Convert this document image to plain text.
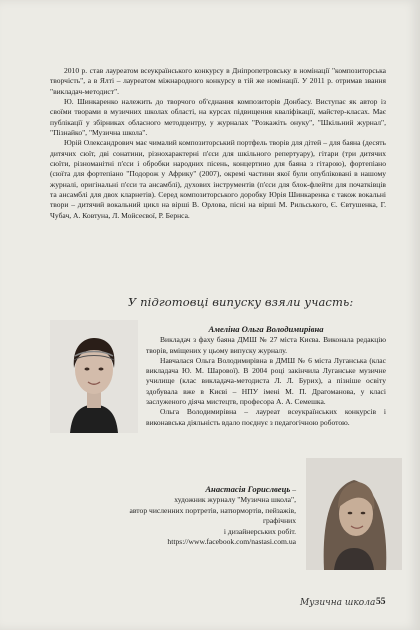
2010 р. став лауреатом всеукраїнського конкурсу в Дніпропетровську в номінації "композиторська творчість", а в Ялті – лауреатом міжнародного конкурсу в тій же номінації. У 2011 р. отримав звання "викладач-методист".

Ю. Шинкаренко належить до творчого об'єднання композиторів Донбасу. Виступає як автор із своїми творами в музичних школах області, на курсах підвищення кваліфікації, майстер-класах. Має публікації у збірниках обласного методцентру, у журналах "Розкажіть онуку", "Шкільний журнал", "Пізнайко", "Музична школа".

Юрій Олександрович має чималий композиторський портфель творів для дітей – для баяна (десять дитячих сюїт, дві сонатини, різнохарактерні п'єси для шкільного репертуару), гітари (три дитячих сюїти, різноманітні п'єси і обробки народних пісень, концертино для баяна з гітарою), фортепіано (сюїта для фортепіано "Подорож у Африку" (2007), окремі частини якої були опубліковані в нашому журналі, оригінальні п'єси та ансамблі), духових інструментів (п'єси для блок-флейти для початківців та ансамблі для двох кларнетів). Серед композиторського доробку Юрія Шинкаренка є також вокальні твори – дитячий вокальний цикл на вірші В. Орлова, пісні на вірші М. Рильського, Є. Євтушенка, Г. Чубач, А. Ковтуна, Л. Мойсеєвої, Р. Бернса.

У підготовці випуску взяли участь:
Амеліна Ольга Володимирівна

Викладач з фаху баяна ДМШ № 27 міста Києва. Виконала редакцію творів, вміщених у цьому випуску журналу.

Навчалася Ольга Володимирівна в ДМШ № 6 міста Луганська (клас викладача Ю. М. Шарової). В 2004 році закінчила Луганське музичне училище (клас викладача-методиста Л. Л. Бурих), а пізніше освіту здобувала вже в Києві – НПУ імені М. П. Драгоманова, у класі заслуженого діяча мистецтв, професора А. А. Семешка.

Ольга Володимирівна – лауреат всеукраїнських конкурсів і виконавська діяльність вдало поєднує з педагогічною роботою.

Анастасія Горислвець –
художник журналу "Музична школа",
автор численних портретів, натюрмортів, пейзажів, графічних
і дизайнерських робіт.
https://www.facebook.com/nastasi.com.ua
Музична школа 55
